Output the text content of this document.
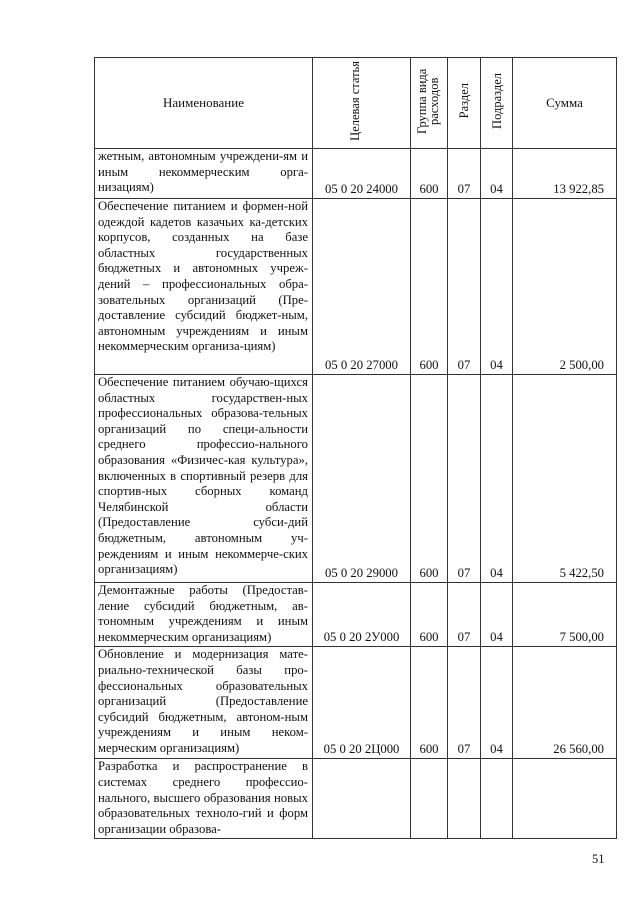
Наименование	Целевая статья	Группа вида расходов	Раздел	Подраздел	Сумма

жетным, автономным учреждени-ям и иным некоммерческим орга-низациям)	05 0 20 24000	600	07	04	13 922,85

Обеспечение питанием и формен-ной одеждой кадетов казачьих ка-детских корпусов, созданных на базе областных государственных бюджетных и автономных учреж-дений – профессиональных обра-зовательных организаций (Пре-доставление субсидий бюджет-ным, автономным учреждениям и иным некоммерческим организа-циям)	05 0 20 27000	600	07	04	2 500,00

Обеспечение питанием обучаю-щихся областных государствен-ных профессиональных образова-тельных организаций по специ-альности среднего профессио-нального образования «Физичес-кая культура», включенных в спортивный резерв для спортив-ных сборных команд Челябинской области (Предоставление субси-дий бюджетным, автономным уч-реждениям и иным некоммерче-ских организациям)	05 0 20 29000	600	07	04	5 422,50

Демонтажные работы (Предостав-ление субсидий бюджетным, ав-тономным учреждениям и иным некоммерческим организациям)	05 0 20 2У000	600	07	04	7 500,00

Обновление и модернизация мате-риально-технической базы про-фессиональных образовательных организаций (Предоставление субсидий бюджетным, автоном-ным учреждениям и иным неком-мерческим организациям)	05 0 20 2Ц000	600	07	04	26 560,00

Разработка и распространение в системах среднего профессио-нального, высшего образования новых образовательных техноло-гий и форм организации образова-					

51
